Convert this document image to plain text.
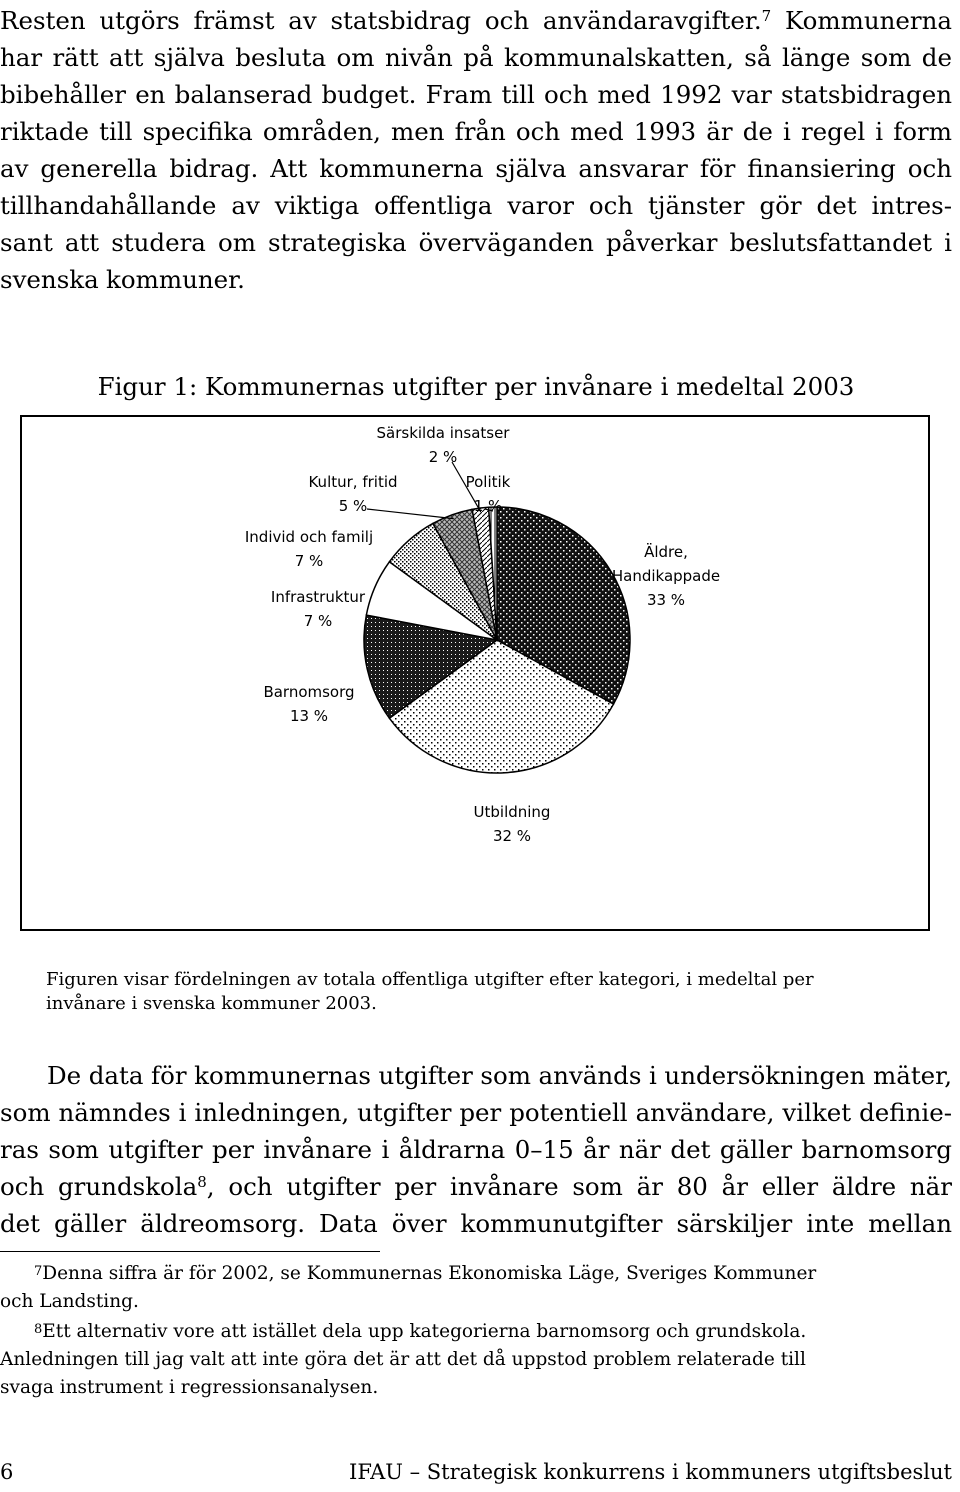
Resten utgörs främst av statsbidrag och användaravgifter.$^7$ Kommunerna
har rätt att själva besluta om nivån på kommunalskatten, så länge som de
bibehåller en balanserad budget. Fram till och med 1992 var statsbidragen
riktade till specifika områden, men från och med 1993 är de i regel i form
av generella bidrag. Att kommunerna själva ansvarar för finansiering och
tillhandahållande av viktiga offentliga varor och tjänster gör det intres-
sant att studera om strategiska överväganden påverkar beslutsfattandet i
svenska kommuner.
Figur 1: Kommunernas utgifter per invånare i medeltal 2003
Äldre, Handikappade 33 %
Utbildning 32 %
Barnomsorg 13 %
Infrastruktur 7 %
Individ och familj 7 %
Kultur, fritid 5 %
Särskilda insatser 2 %
Politik 1 %
Figuren visar fördelningen av totala offentliga utgifter efter kategori, i medeltal per
invånare i svenska kommuner 2003.
De data för kommunernas utgifter som används i undersökningen mäter,
som nämndes i inledningen, utgifter per potentiell användare, vilket definie-
ras som utgifter per invånare i åldrarna 0–15 år när det gäller barnomsorg
och grundskola$^8$, och utgifter per invånare som är 80 år eller äldre när
det gäller äldreomsorg. Data över kommunutgifter särskiljer inte mellan
$^7$Denna siffra är för 2002, se Kommunernas Ekonomiska Läge, Sveriges Kommuner
och Landsting.
$^8$Ett alternativ vore att istället dela upp kategorierna barnomsorg och grundskola.
Anledningen till jag valt att inte göra det är att det då uppstod problem relaterade till
svaga instrument i regressionsanalysen.
6	IFAU – Strategisk konkurrens i kommuners utgiftsbeslut
